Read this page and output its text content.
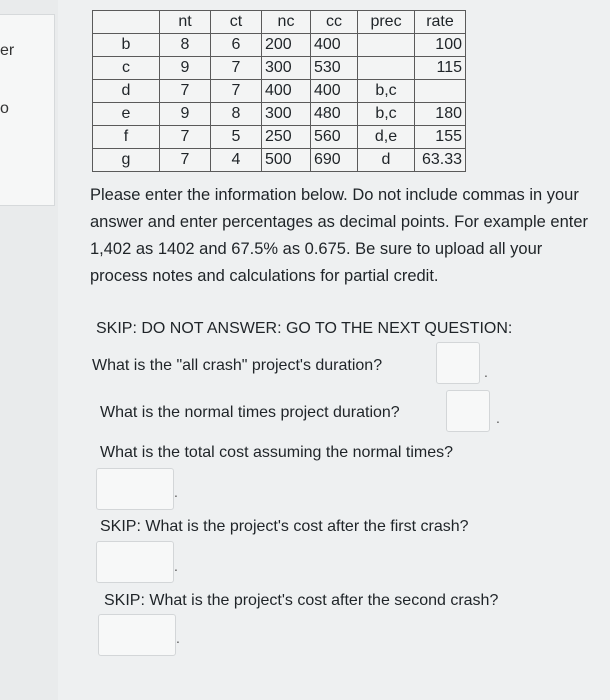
er
o
	nt	ct	nc	cc	prec	rate
b	8	6	200	400		100
c	9	7	300	530		115
d	7	7	400	400	b,c	
e	9	8	300	480	b,c	180
f	7	5	250	560	d,e	155
g	7	4	500	690	d	63.33

Please enter the information below. Do not include commas in your answer and enter percentages as decimal points. For example enter 1,402 as 1402 and 67.5% as 0.675. Be sure to upload all your process notes and calculations for partial credit.

SKIP: DO NOT ANSWER: GO TO THE NEXT QUESTION:

What is the "all crash" project's duration?	.

What is the normal times project duration?	.

What is the total cost assuming the normal times?

.

SKIP: What is the project's cost after the first crash?

.

SKIP: What is the project's cost after the second crash?

.
